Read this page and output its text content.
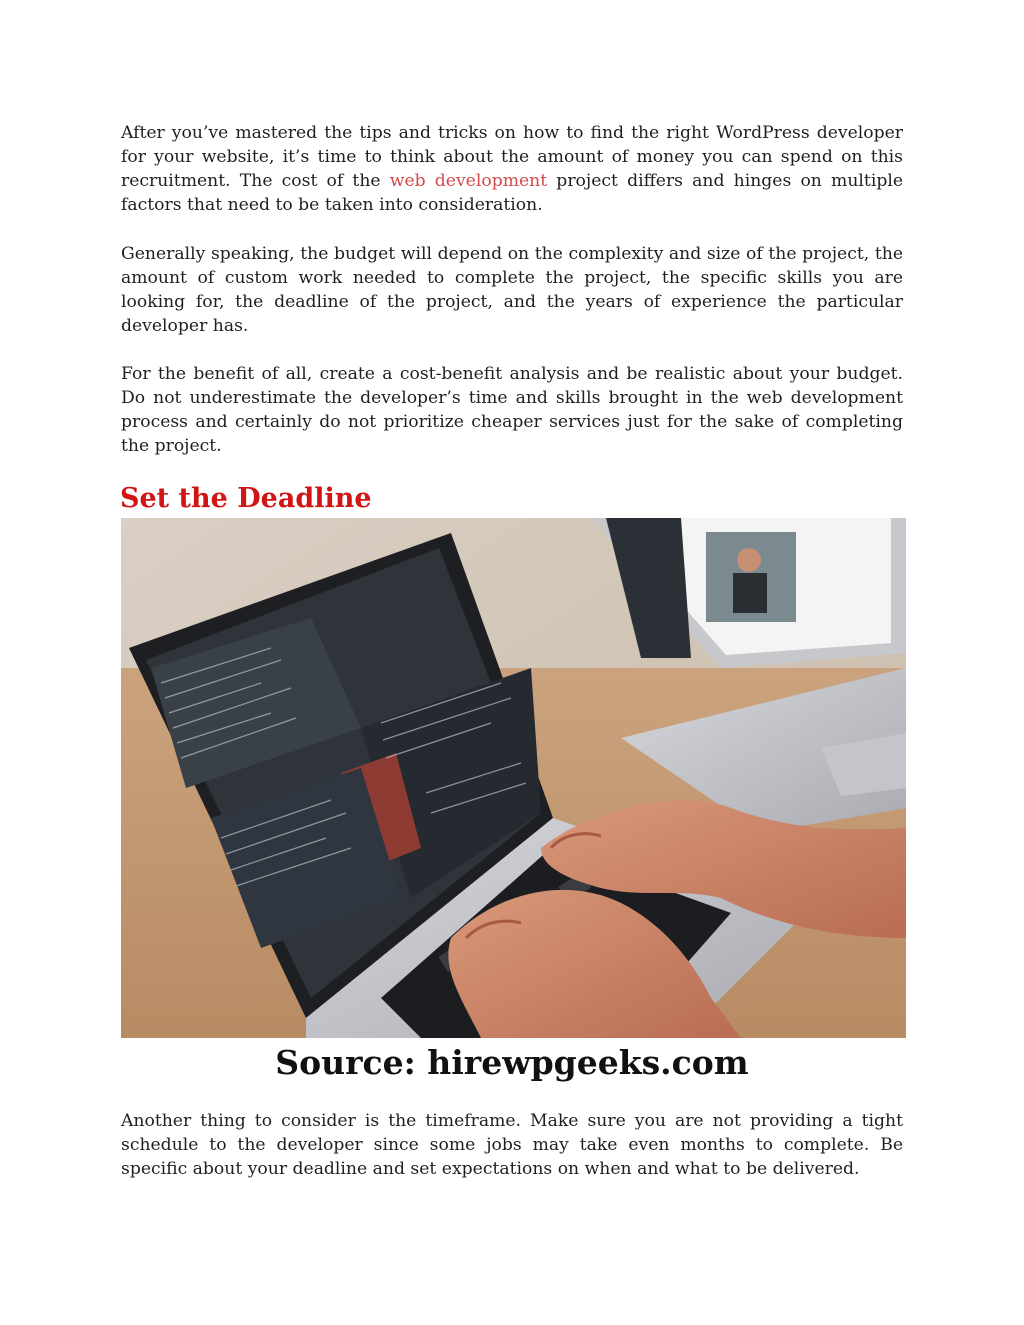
After you’ve mastered the tips and tricks on how to find the right WordPress developer for your website, it’s time to think about the amount of money you can spend on this recruitment. The cost of the web development project differs and hinges on multiple factors that need to be taken into consideration.

Generally speaking, the budget will depend on the complexity and size of the project, the amount of custom work needed to complete the project, the specific skills you are looking for, the deadline of the project, and the years of experience the particular developer has.

For the benefit of all, create a cost-benefit analysis and be realistic about your budget. Do not underestimate the developer’s time and skills brought in the web development process and certainly do not prioritize cheaper services just for the sake of completing the project.

Set the Deadline

Source: hirewpgeeks.com

Another thing to consider is the timeframe. Make sure you are not providing a tight schedule to the developer since some jobs may take even months to complete. Be specific about your deadline and set expectations on when and what to be delivered.
